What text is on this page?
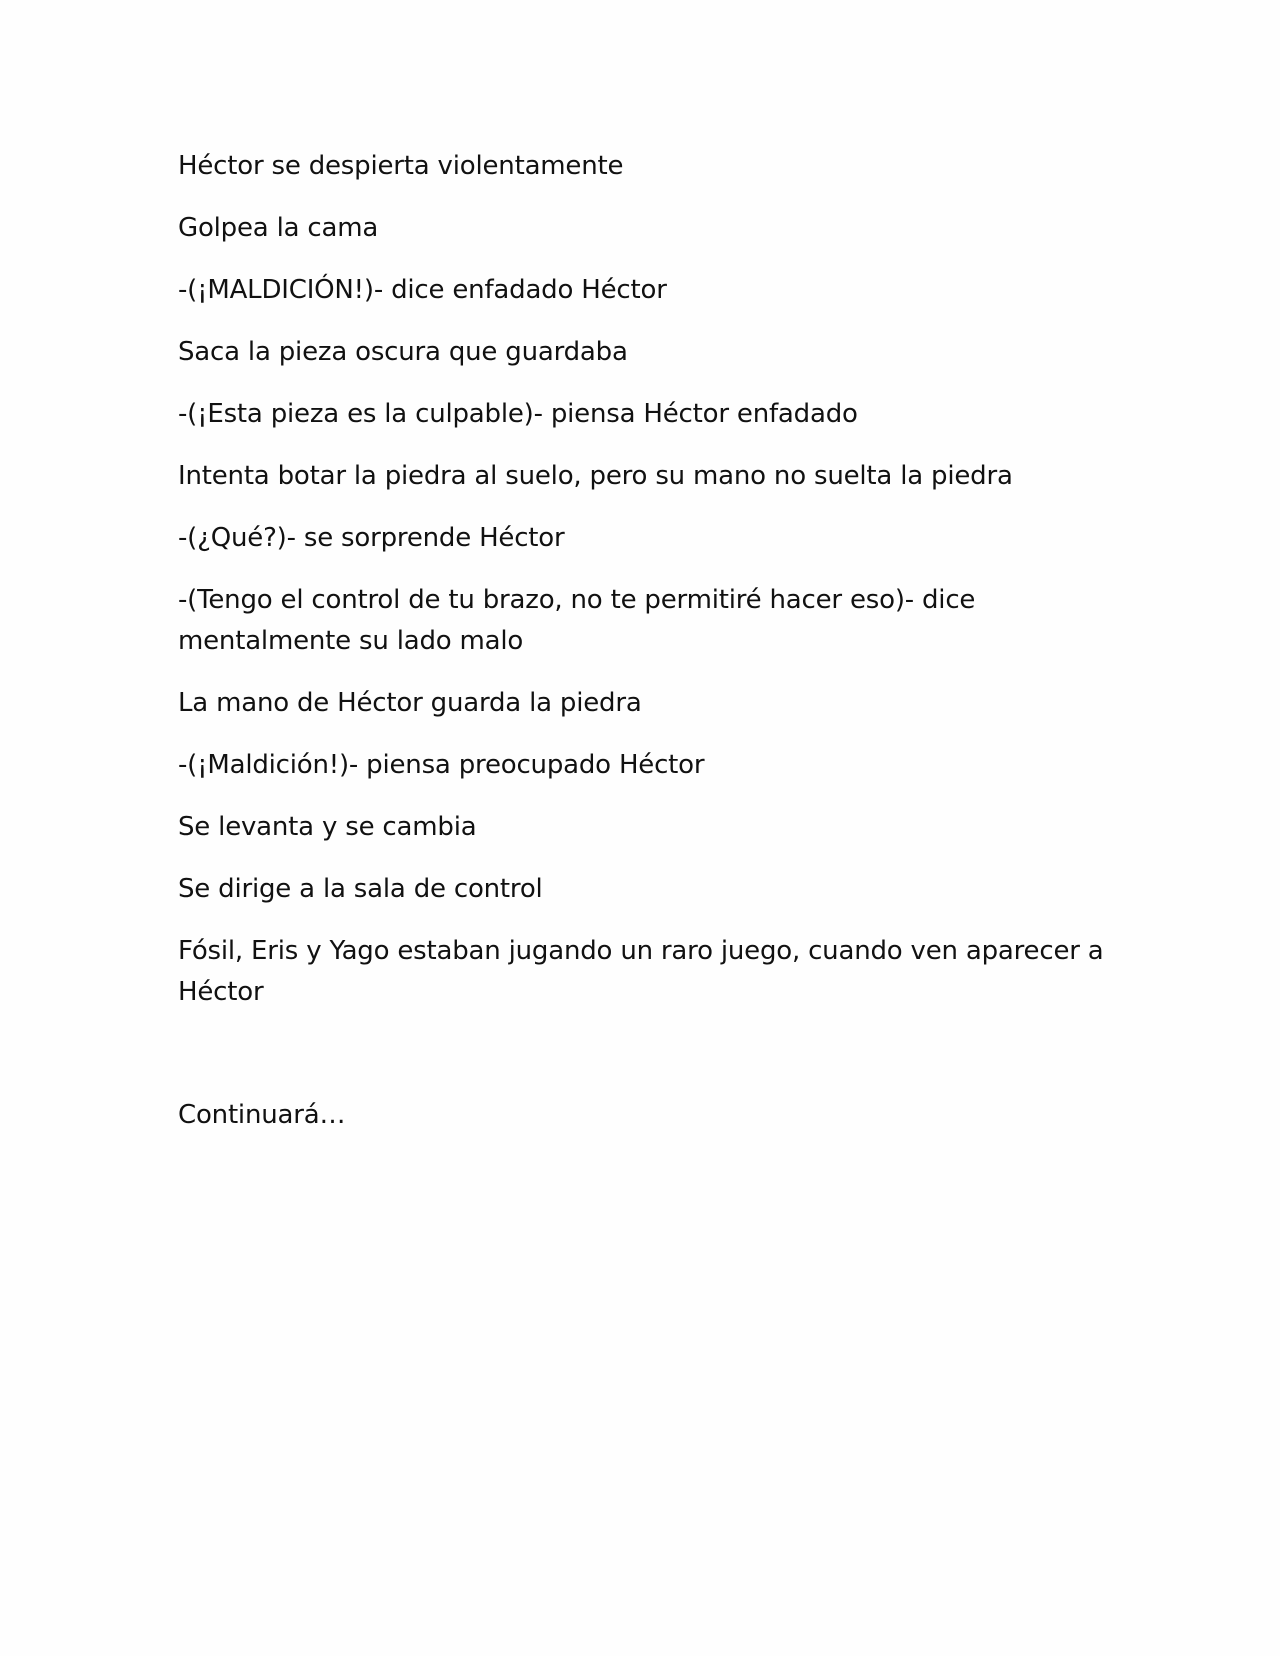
Héctor se despierta violentamente

Golpea la cama

-(¡MALDICIÓN!)- dice enfadado Héctor

Saca la pieza oscura que guardaba

-(¡Esta pieza es la culpable)- piensa Héctor enfadado

Intenta botar la piedra al suelo, pero su mano no suelta la piedra

-(¿Qué?)- se sorprende Héctor

-(Tengo el control de tu brazo, no te permitiré hacer eso)- dice mentalmente su lado malo

La mano de Héctor guarda la piedra

-(¡Maldición!)- piensa preocupado Héctor

Se levanta y se cambia

Se dirige a la sala de control

Fósil, Eris y Yago estaban jugando un raro juego, cuando ven aparecer a Héctor

Continuará…
